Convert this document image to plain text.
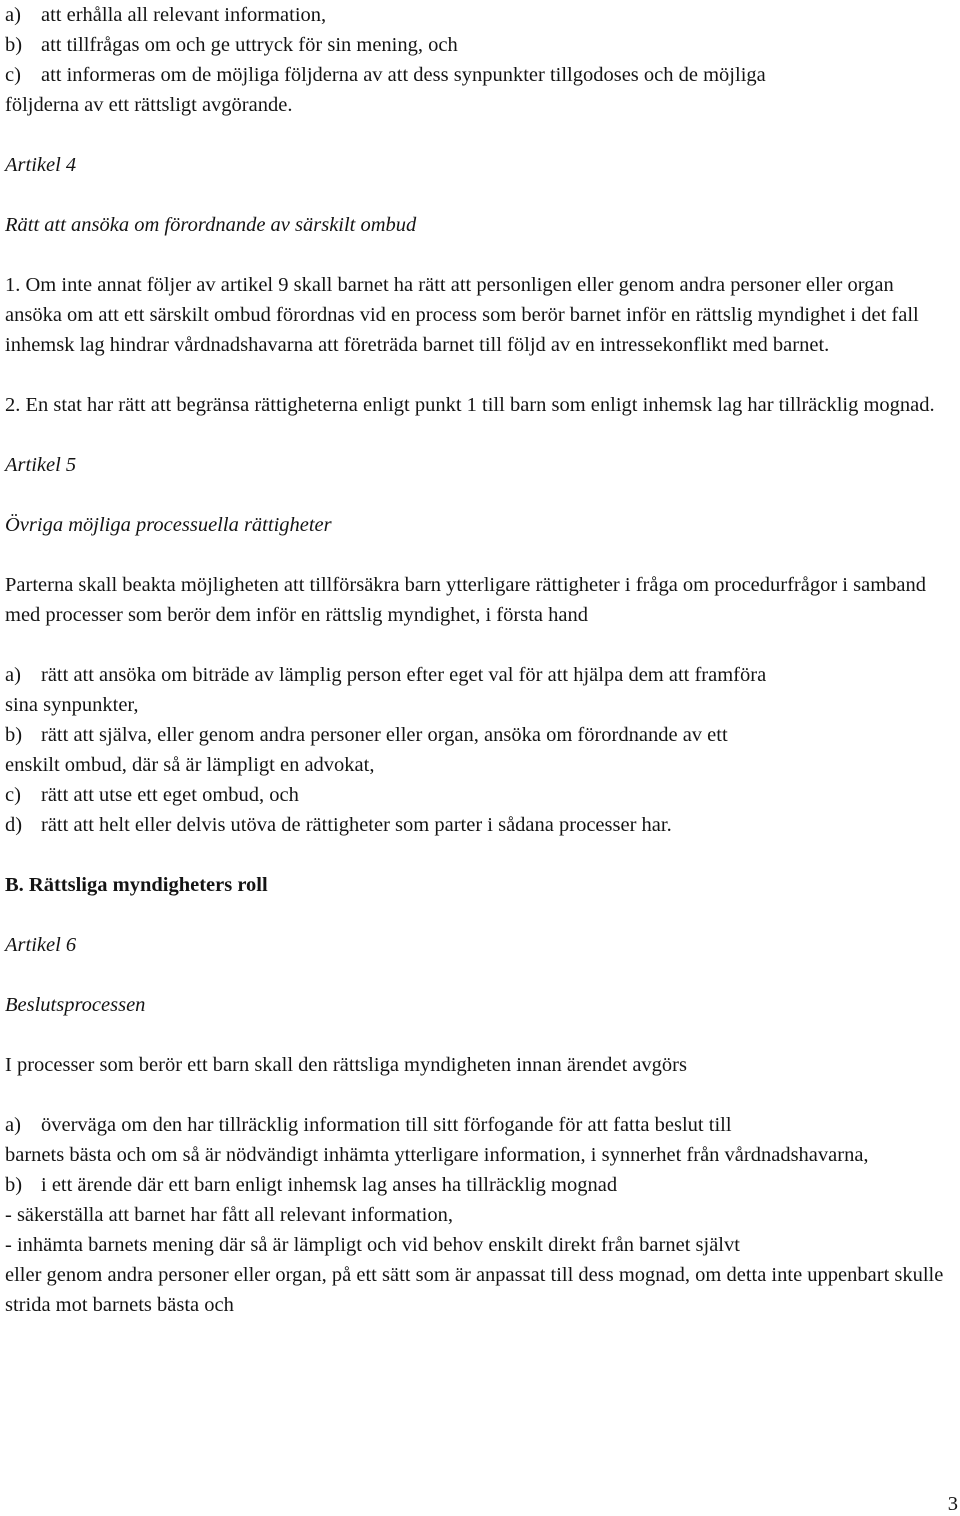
a) att erhålla all relevant information,
b) att tillfrågas om och ge uttryck för sin mening, och
c) att informeras om de möjliga följderna av att dess synpunkter tillgodoses och de möjliga

följderna av ett rättsligt avgörande.

Artikel 4

Rätt att ansöka om förordnande av särskilt ombud

1. Om inte annat följer av artikel 9 skall barnet ha rätt att personligen eller genom andra personer eller organ ansöka om att ett särskilt ombud förordnas vid en process som berör barnet inför en rättslig myndighet i det fall inhemsk lag hindrar vårdnadshavarna att företräda barnet till följd av en intressekonflikt med barnet.

2. En stat har rätt att begränsa rättigheterna enligt punkt 1 till barn som enligt inhemsk lag har tillräcklig mognad.

Artikel 5

Övriga möjliga processuella rättigheter

Parterna skall beakta möjligheten att tillförsäkra barn ytterligare rättigheter i fråga om procedurfrågor i samband med processer som berör dem inför en rättslig myndighet, i första hand

a) rätt att ansöka om biträde av lämplig person efter eget val för att hjälpa dem att framföra

sina synpunkter,

b) rätt att själva, eller genom andra personer eller organ, ansöka om förordnande av ett

enskilt ombud, där så är lämpligt en advokat,

c) rätt att utse ett eget ombud, och
d) rätt att helt eller delvis utöva de rättigheter som parter i sådana processer har.

B. Rättsliga myndigheters roll

Artikel 6

Beslutsprocessen

I processer som berör ett barn skall den rättsliga myndigheten innan ärendet avgörs

a) överväga om den har tillräcklig information till sitt förfogande för att fatta beslut till

barnets bästa och om så är nödvändigt inhämta ytterligare information, i synnerhet från vårdnadshavarna,

b) i ett ärende där ett barn enligt inhemsk lag anses ha tillräcklig mognad

- säkerställa att barnet har fått all relevant information,

- inhämta barnets mening där så är lämpligt och vid behov enskilt direkt från barnet självt

eller genom andra personer eller organ, på ett sätt som är anpassat till dess mognad, om detta inte uppenbart skulle strida mot barnets bästa och

3
